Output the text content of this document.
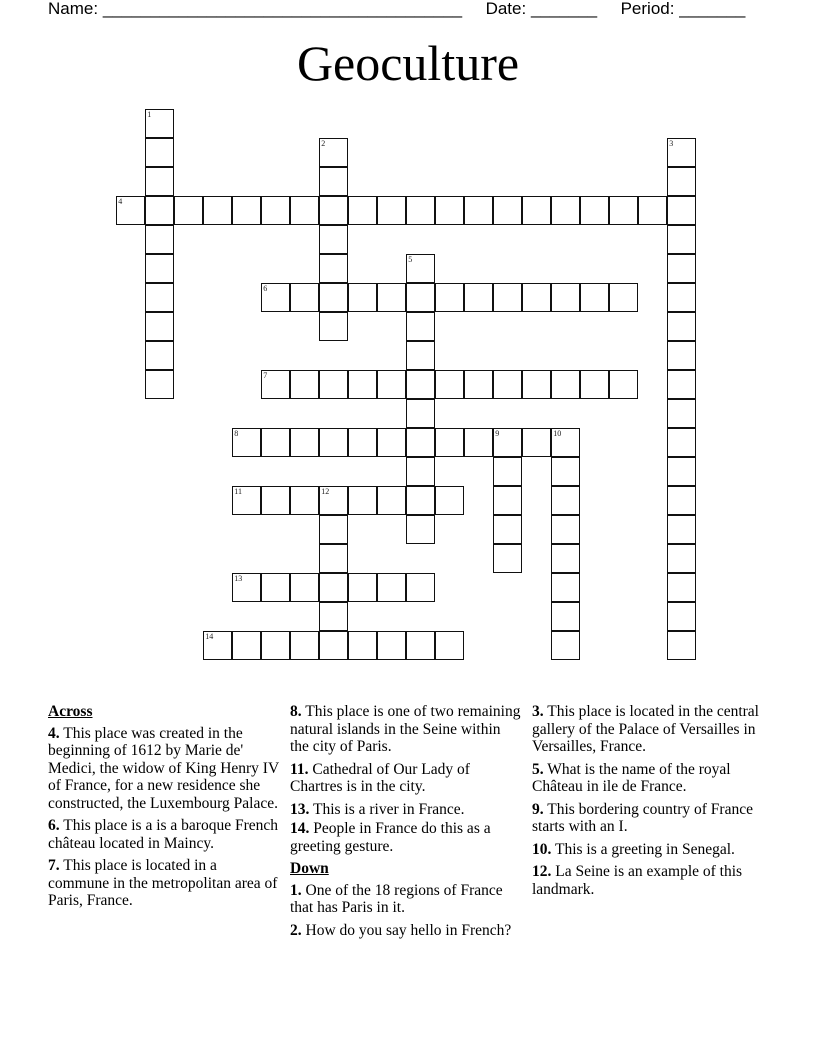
Name: ______________________________________ Date: _______ Period: _______
Geoculture
1
2	3
4
5
6
7
8	9	10
11	12
13
14
Across
4. This place was created in the beginning of 1612 by Marie de' Medici, the widow of King Henry IV of France, for a new residence she constructed, the Luxembourg Palace.
6. This place is a is a baroque French château located in Maincy.
7. This place is located in a commune in the metropolitan area of Paris, France.
8. This place is one of two remaining natural islands in the Seine within the city of Paris.
11. Cathedral of Our Lady of Chartres is in the city.
13. This is a river in France.
14. People in France do this as a greeting gesture.
Down
1. One of the 18 regions of France that has Paris in it.
2. How do you say hello in French?
3. This place is located in the central gallery of the Palace of Versailles in Versailles, France.
5. What is the name of the royal Château in ile de France.
9. This bordering country of France starts with an I.
10. This is a greeting in Senegal.
12. La Seine is an example of this landmark.
